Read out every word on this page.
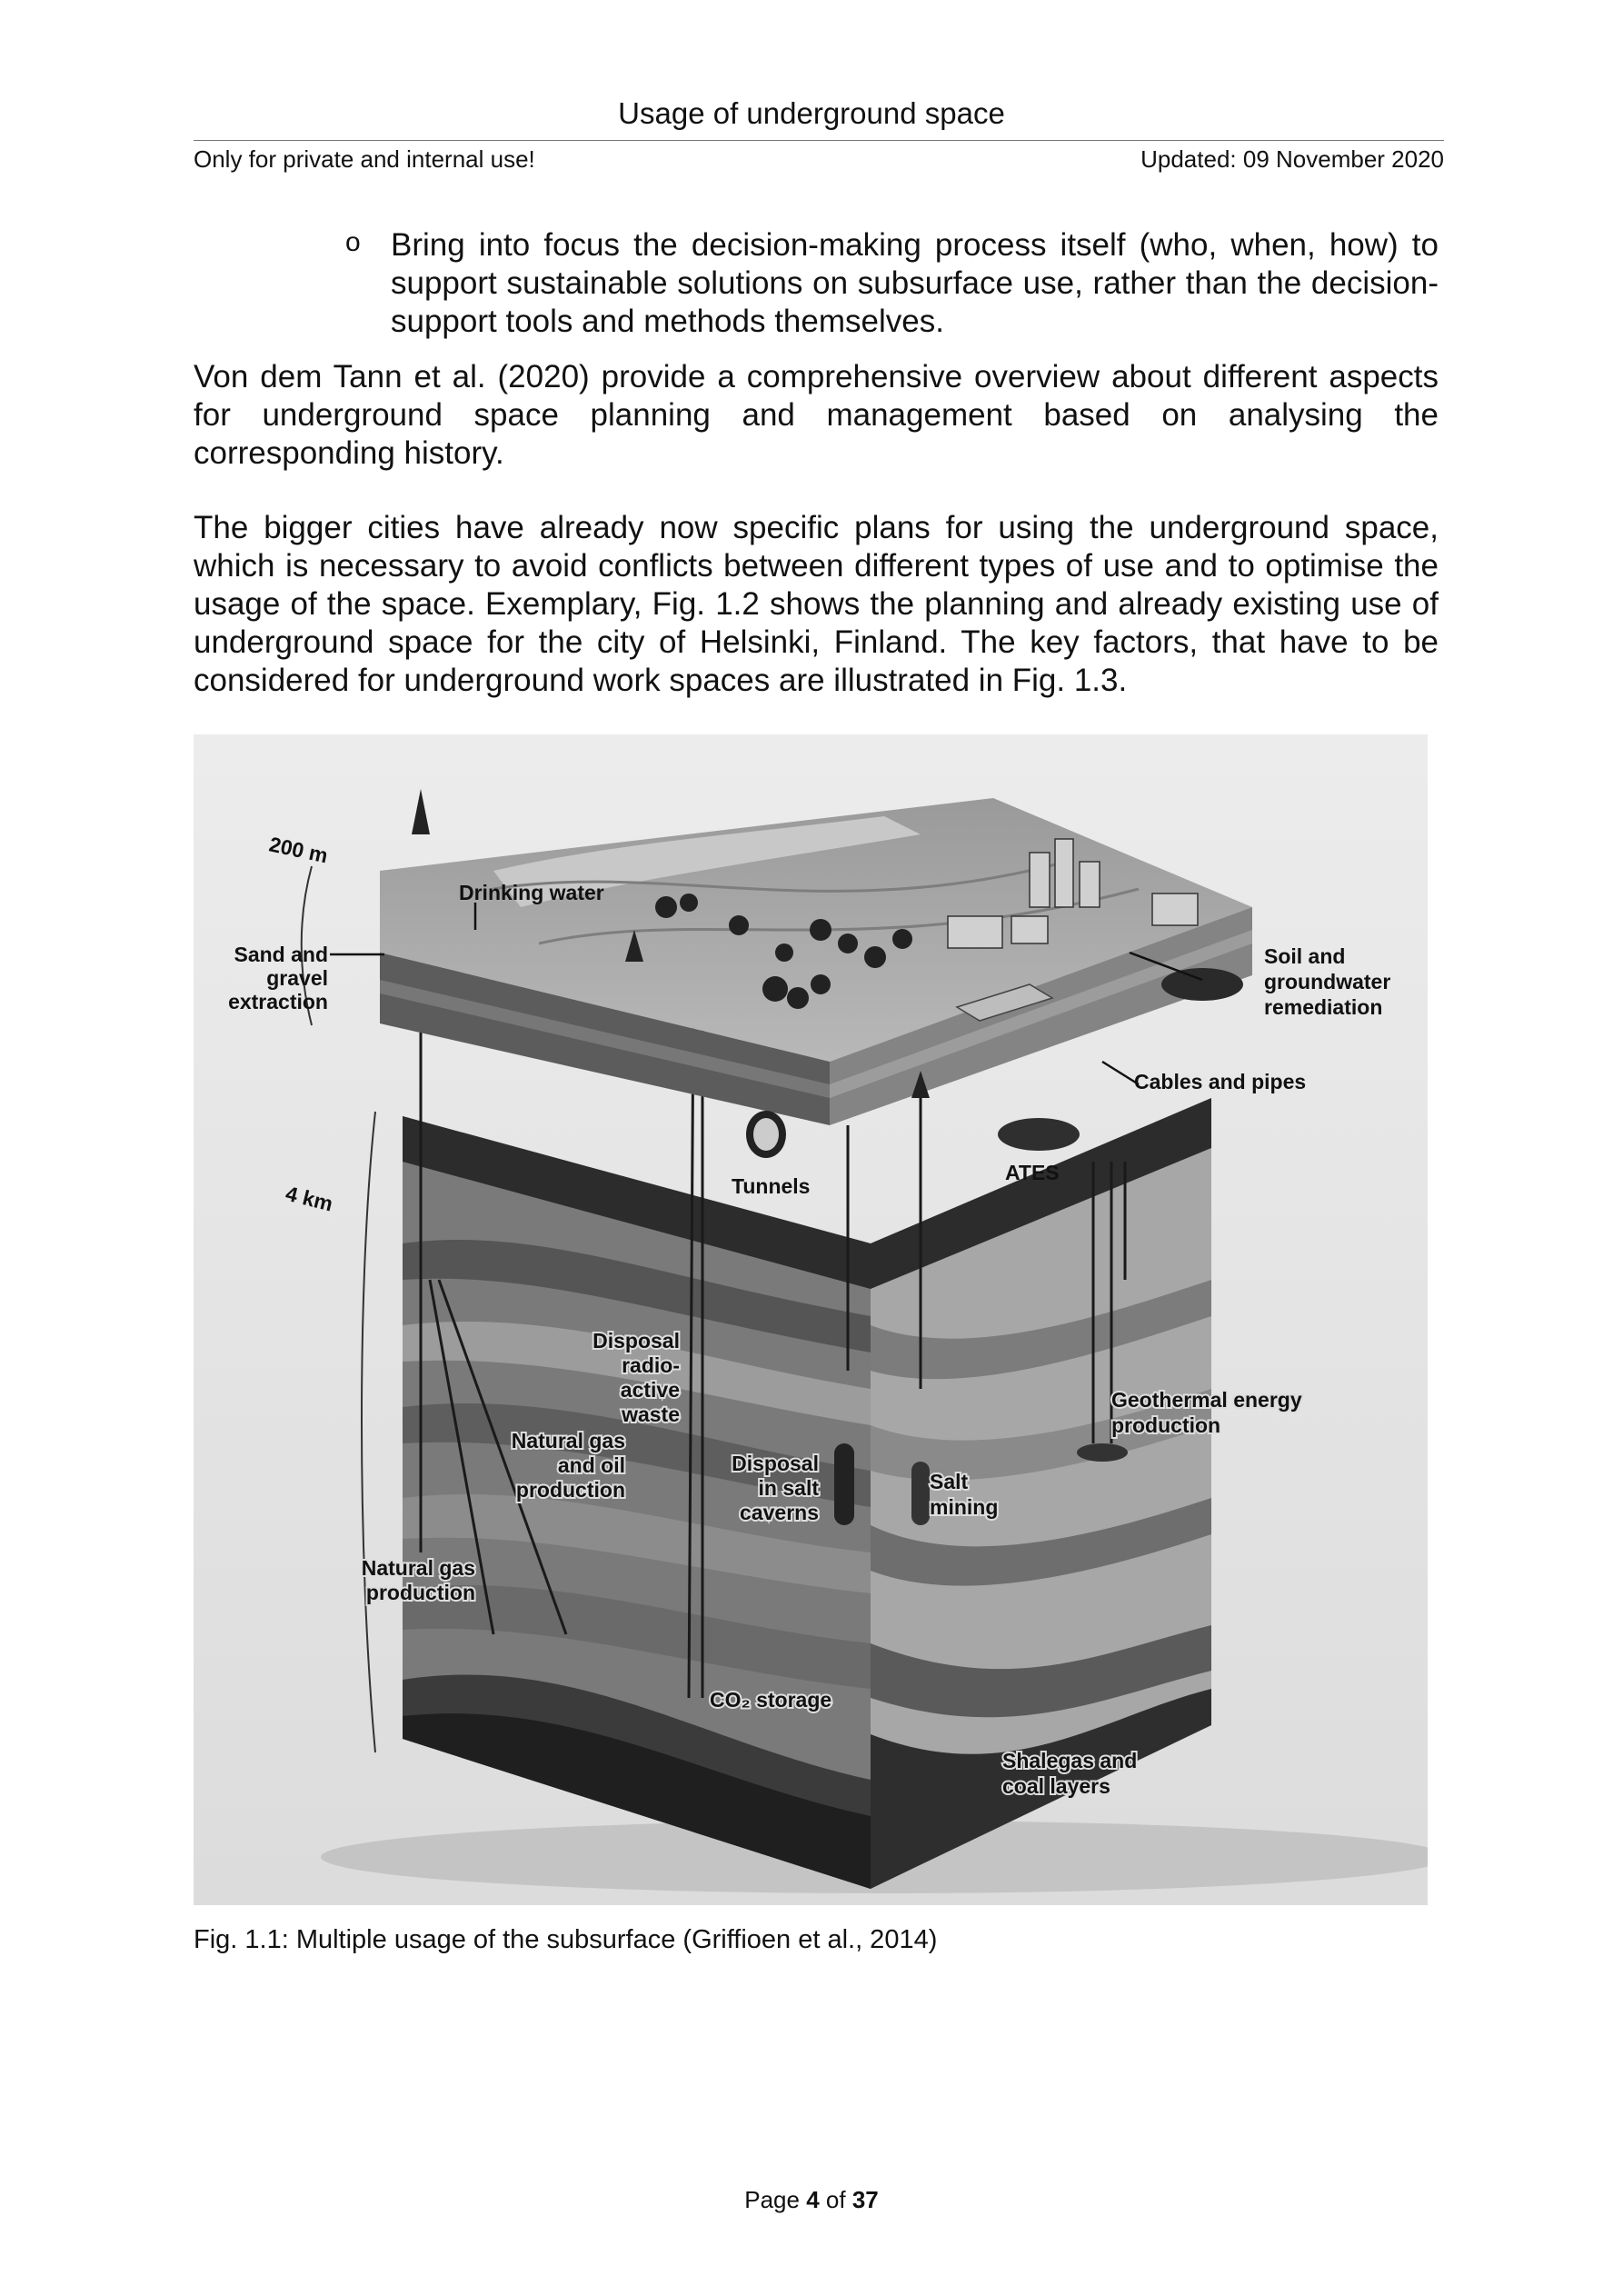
Usage of underground space
Only for private and internal use!	Updated: 09 November 2020
o Bring into focus the decision-making process itself (who, when, how) to support sustainable solutions on subsurface use, rather than the decision-support tools and methods themselves.
Von dem Tann et al. (2020) provide a comprehensive overview about different aspects for underground space planning and management based on analysing the corresponding history.
The bigger cities have already now specific plans for using the underground space, which is necessary to avoid conflicts between different types of use and to optimise the usage of the space. Exemplary, Fig. 1.2 shows the planning and already existing use of underground space for the city of Helsinki, Finland. The key factors, that have to be considered for underground work spaces are illustrated in Fig. 1.3.
200 m
4 km
Drinking water
Sand and
gravel
extraction
Soil and
groundwater
remediation
Cables and pipes
Tunnels
ATES
Disposal
radio-
active
waste
Natural gas
and oil
production
Disposal
in salt
caverns
Salt
mining
Geothermal energy
production
Natural gas
production
CO₂ storage
Shalegas and
coal layers
Fig. 1.1: Multiple usage of the subsurface (Griffioen et al., 2014)
Page 4 of 37
